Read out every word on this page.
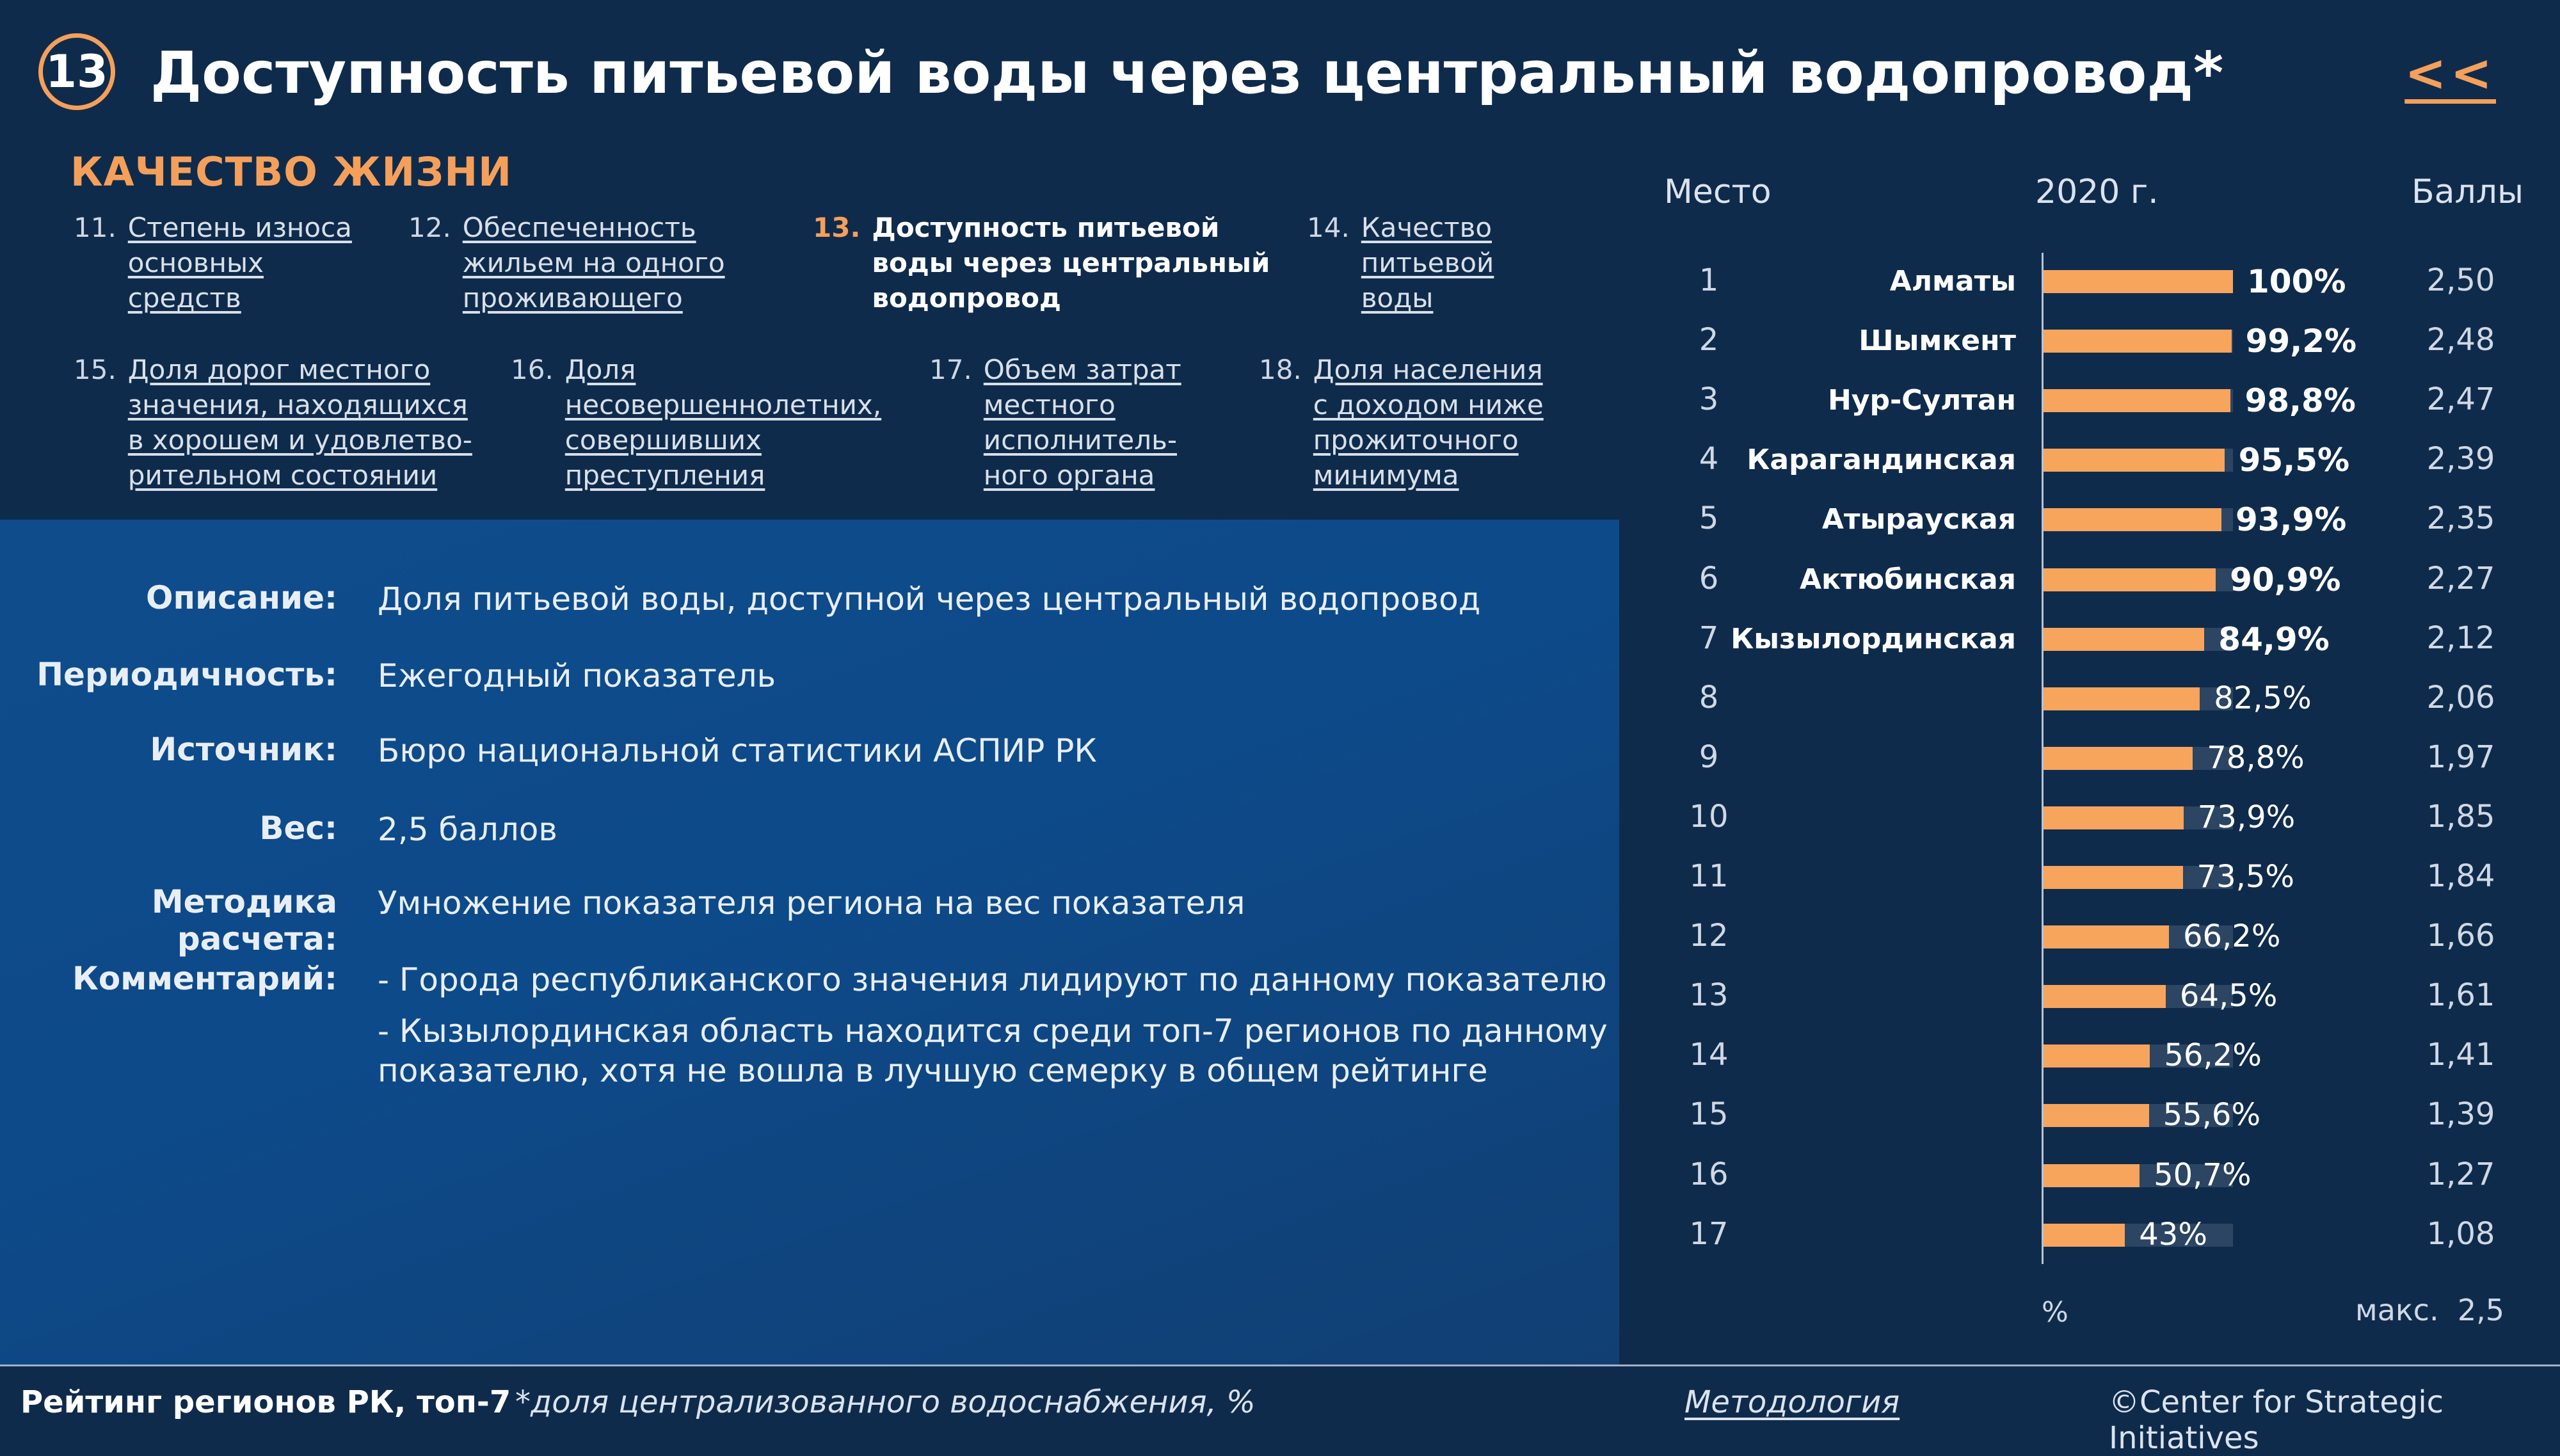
13 Доступность питьевой воды через центральный водопровод*	<<
КАЧЕСТВО ЖИЗНИ
11. Степень износа
основных
средств
12. Обеспеченность
жильем на одного
проживающего
13. Доступность питьевой
воды через центральный
водопровод
14. Качество
питьевой
воды
15. Доля дорог местного
значения, находящихся
в хорошем и удовлетво-
рительном состоянии
16. Доля
несовершеннолетних,
совершивших
преступления
17. Объем затрат
местного
исполнитель-
ного органа
18. Доля населения
с доходом ниже
прожиточного
минимума
Описание: Доля питьевой воды, доступной через центральный водопровод
Периодичность: Ежегодный показатель
Источник: Бюро национальной статистики АСПИР РК
Вес: 2,5 баллов
Методика расчета:
Умножение показателя региона на вес показателя
Комментарий: - Города республиканского значения лидируют по данному показателю
- Кызылординская область находится среди топ-7 регионов по данному
показателю, хотя не вошла в лучшую семерку в общем рейтинге
Место	2020 г.	Баллы
1	Алматы	100%	2,50
2	Шымкент	99,2%	2,48
3	Нур-Султан	98,8%	2,47
4	Карагандинская	95,5%	2,39
5	Атырауская	93,9%	2,35
6	Актюбинская	90,9%	2,27
7 Кызылординская	84,9%	2,12
8	82,5%	2,06
9	78,8%	1,97
10	73,9%	1,85
11	73,5%	1,84
12	66,2%	1,66
13	64,5%	1,61
14	56,2%	1,41
15	55,6%	1,39
16	50,7%	1,27
17	43%	1,08
%	макс.  2,5
Рейтинг регионов РК, топ-7 *доля централизованного водоснабжения, %	Методология	©Center for Strategic Initiatives
